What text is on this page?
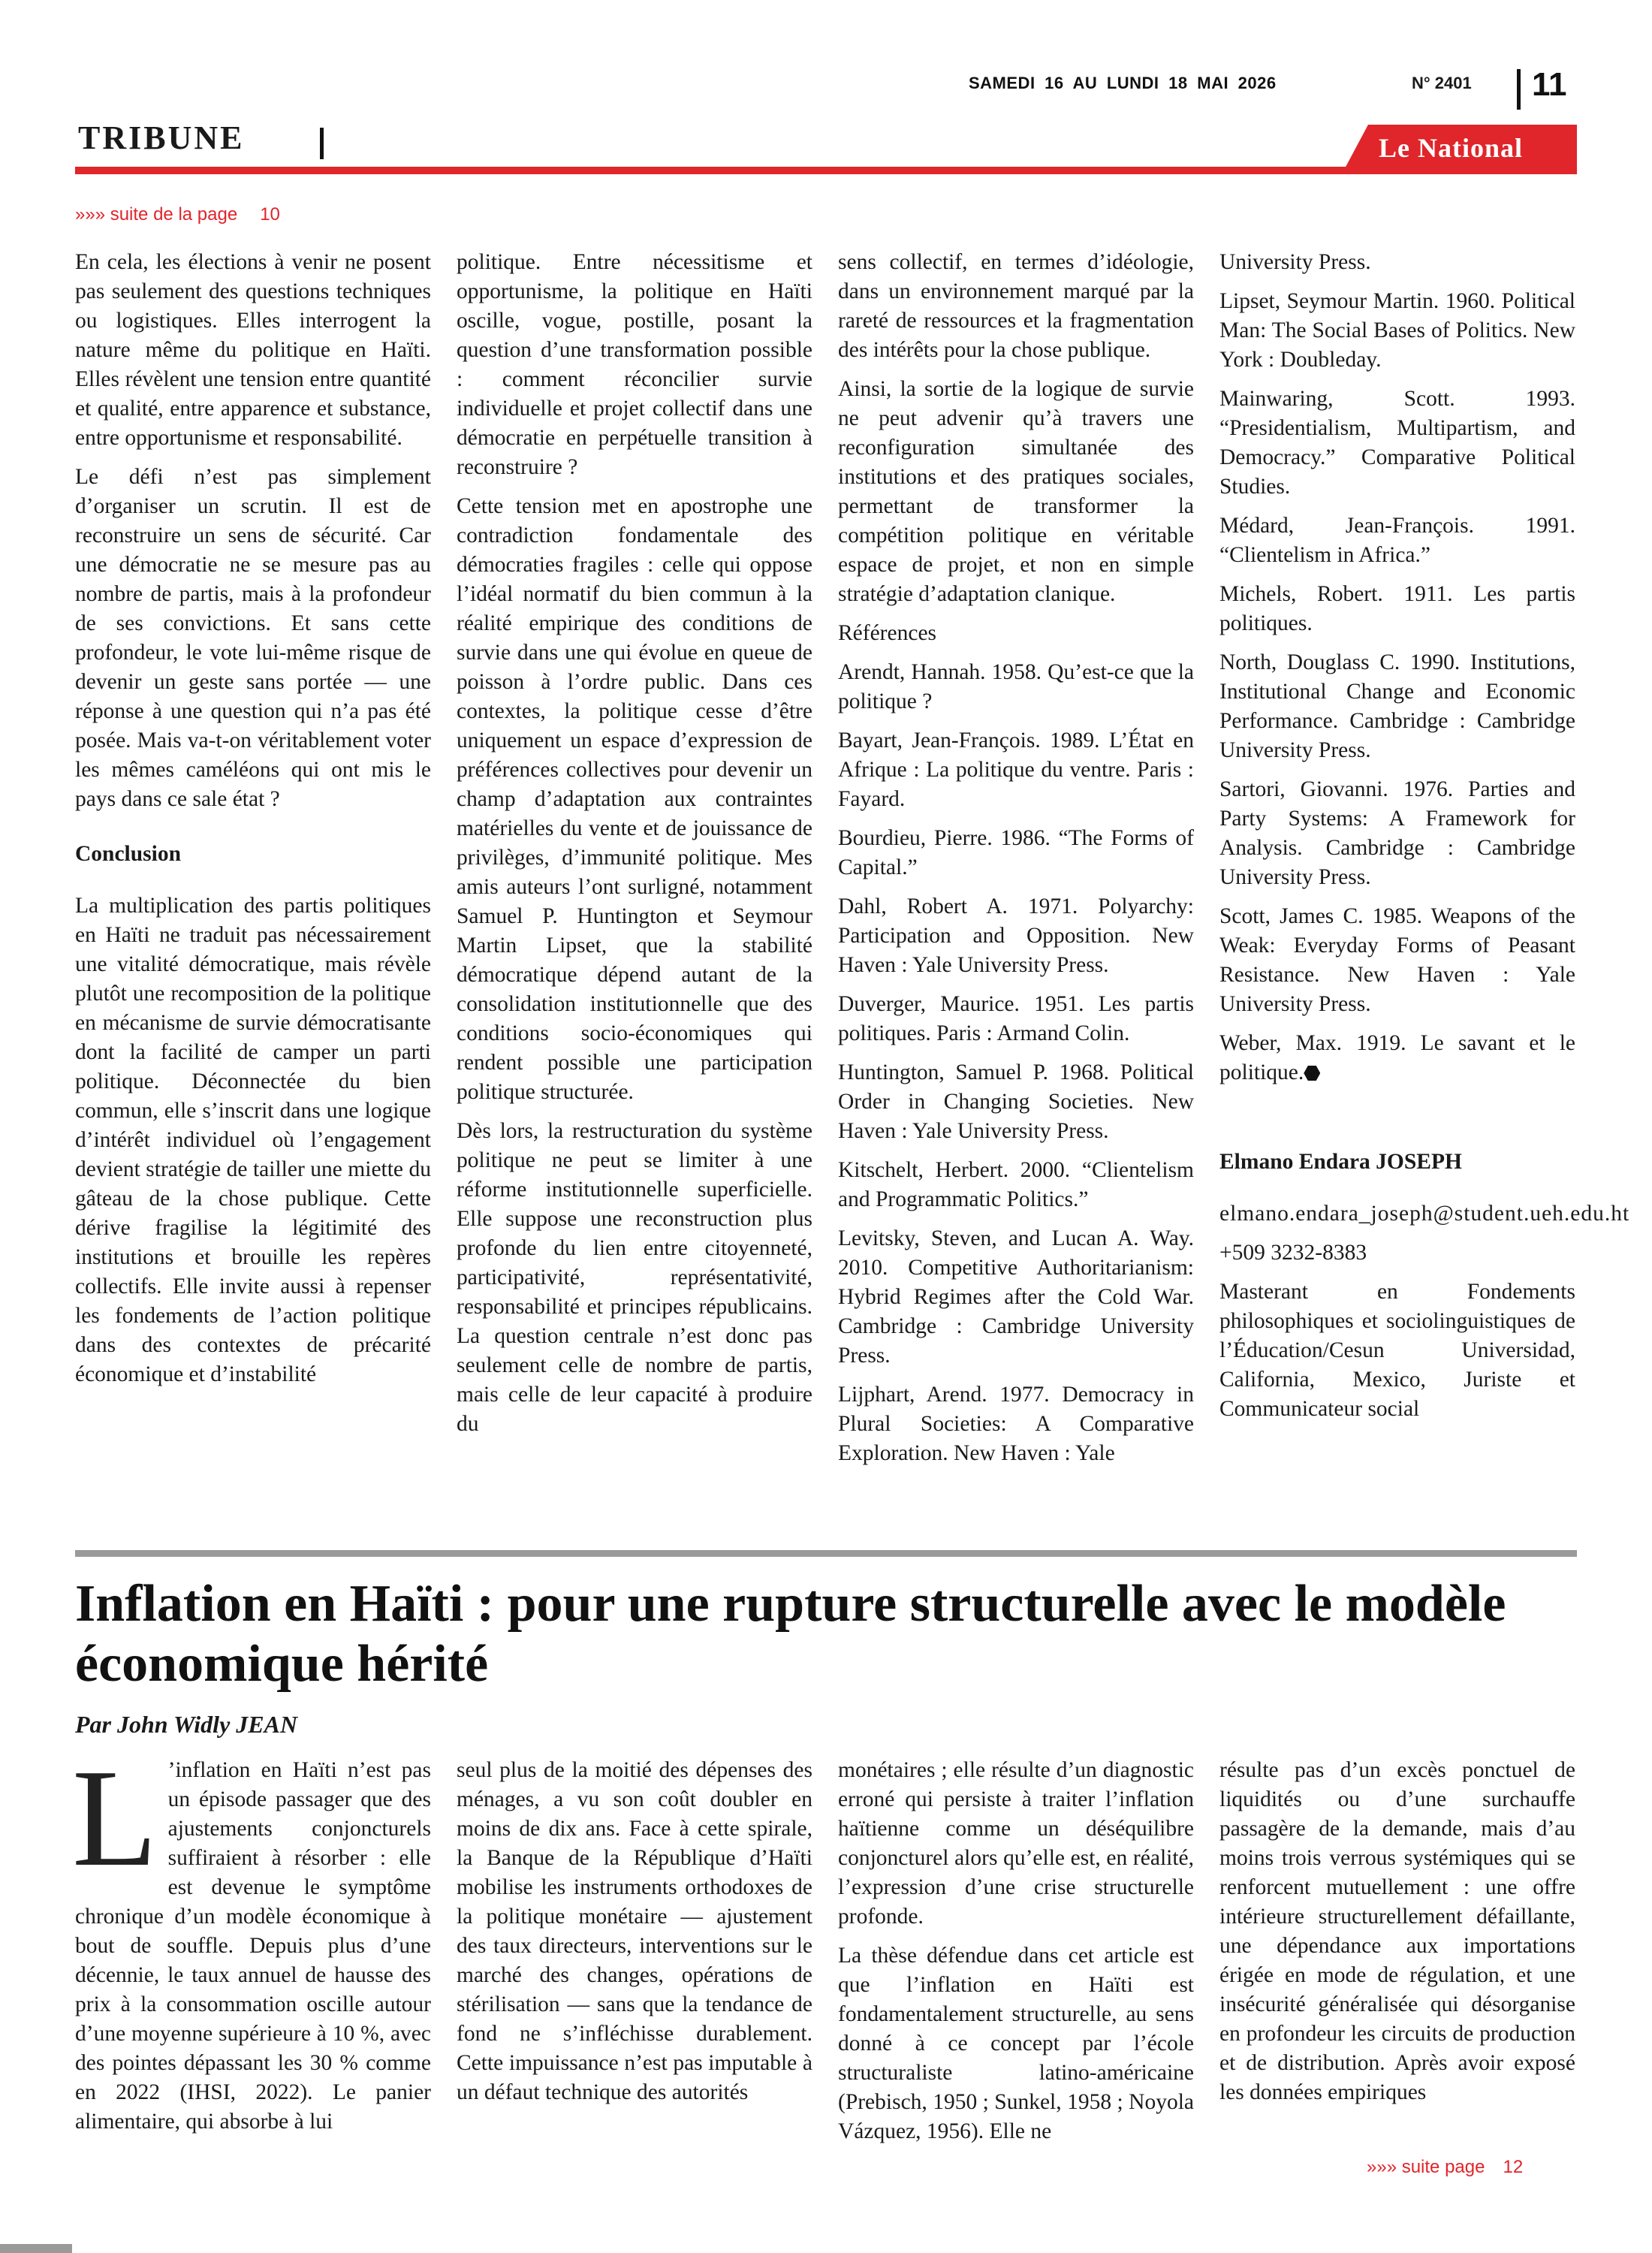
SAMEDI 16 AU LUNDI 18 MAI 2026	N° 2401 11
TRIBUNE	Le National
»»» suite de la page 10

En cela, les élections à venir ne posent pas seulement des questions techniques ou logistiques. Elles interrogent la nature même du politique en Haïti. Elles révèlent une tension entre quantité et qualité, entre apparence et substance, entre opportunisme et responsabilité.

Le défi n’est pas simplement d’organiser un scrutin. Il est de reconstruire un sens de sécurité. Car une démocratie ne se mesure pas au nombre de partis, mais à la profondeur de ses convictions. Et sans cette profondeur, le vote lui-même risque de devenir un geste sans portée — une réponse à une question qui n’a pas été posée. Mais va-t-on véritablement voter les mêmes caméléons qui ont mis le pays dans ce sale état ?

Conclusion

La multiplication des partis politiques en Haïti ne traduit pas nécessairement une vitalité démocratique, mais révèle plutôt une recomposition de la politique en mécanisme de survie démocratisante dont la facilité de camper un parti politique. Déconnectée du bien commun, elle s’inscrit dans une logique d’intérêt individuel où l’engagement devient stratégie de tailler une miette du gâteau de la chose publique. Cette dérive fragilise la légitimité des institutions et brouille les repères collectifs. Elle invite aussi à repenser les fondements de l’action politique dans des contextes de précarité économique et d’instabilité

politique. Entre nécessitisme et opportunisme, la politique en Haïti oscille, vogue, postille, posant la question d’une transformation possible : comment réconcilier survie individuelle et projet collectif dans une démocratie en perpétuelle transition à reconstruire ?

Cette tension met en apostrophe une contradiction fondamentale des démocraties fragiles : celle qui oppose l’idéal normatif du bien commun à la réalité empirique des conditions de survie dans une qui évolue en queue de poisson à l’ordre public. Dans ces contextes, la politique cesse d’être uniquement un espace d’expression de préférences collectives pour devenir un champ d’adaptation aux contraintes matérielles du vente et de jouissance de privilèges, d’immunité politique. Mes amis auteurs l’ont surligné, notamment Samuel P. Huntington et Seymour Martin Lipset, que la stabilité démocratique dépend autant de la consolidation institutionnelle que des conditions socio-économiques qui rendent possible une participation politique structurée.

Dès lors, la restructuration du système politique ne peut se limiter à une réforme institutionnelle superficielle. Elle suppose une reconstruction plus profonde du lien entre citoyenneté, participativité, représentativité, responsabilité et principes républicains. La question centrale n’est donc pas seulement celle de nombre de partis, mais celle de leur capacité à produire du

sens collectif, en termes d’idéologie, dans un environnement marqué par la rareté de ressources et la fragmentation des intérêts pour la chose publique.

Ainsi, la sortie de la logique de survie ne peut advenir qu’à travers une reconfiguration simultanée des institutions et des pratiques sociales, permettant de transformer la compétition politique en véritable espace de projet, et non en simple stratégie d’adaptation clanique.

Références

Arendt, Hannah. 1958. Qu’est-ce que la politique ?

Bayart, Jean-François. 1989. L’État en Afrique : La politique du ventre. Paris : Fayard.

Bourdieu, Pierre. 1986. “The Forms of Capital.”

Dahl, Robert A. 1971. Polyarchy: Participation and Opposition. New Haven : Yale University Press.

Duverger, Maurice. 1951. Les partis politiques. Paris : Armand Colin.

Huntington, Samuel P. 1968. Political Order in Changing Societies. New Haven : Yale University Press.

Kitschelt, Herbert. 2000. “Clientelism and Programmatic Politics.”

Levitsky, Steven, and Lucan A. Way. 2010. Competitive Authoritarianism: Hybrid Regimes after the Cold War. Cambridge : Cambridge University Press.

Lijphart, Arend. 1977. Democracy in Plural Societies: A Comparative Exploration. New Haven : Yale

University Press.

Lipset, Seymour Martin. 1960. Political Man: The Social Bases of Politics. New York : Doubleday.

Mainwaring, Scott. 1993. “Presidentialism, Multipartism, and Democracy.” Comparative Political Studies.

Médard, Jean-François. 1991. “Clientelism in Africa.”

Michels, Robert. 1911. Les partis politiques.

North, Douglass C. 1990. Institutions, Institutional Change and Economic Performance. Cambridge : Cambridge University Press.

Sartori, Giovanni. 1976. Parties and Party Systems: A Framework for Analysis. Cambridge : Cambridge University Press.

Scott, James C. 1985. Weapons of the Weak: Everyday Forms of Peasant Resistance. New Haven : Yale University Press.

Weber, Max. 1919. Le savant et le politique.

Elmano Endara JOSEPH

elmano.endara_joseph@student.ueh.edu.ht

+509 3232-8383

Masterant en Fondements philosophiques et sociolinguistiques de l’Éducation/Cesun Universidad, California, Mexico, Juriste et Communicateur social

Inflation en Haïti : pour une rupture structurelle avec le modèle économique hérité

Par John Widly JEAN

L ’inflation en Haïti n’est pas un épisode passager que des ajustements conjoncturels suffiraient à résorber : elle est devenue le symptôme chronique d’un modèle économique à bout de souffle. Depuis plus d’une décennie, le taux annuel de hausse des prix à la consommation oscille autour d’une moyenne supérieure à 10 %, avec des pointes dépassant les 30 % comme en 2022 (IHSI, 2022). Le panier alimentaire, qui absorbe à lui

seul plus de la moitié des dépenses des ménages, a vu son coût doubler en moins de dix ans. Face à cette spirale, la Banque de la République d’Haïti mobilise les instruments orthodoxes de la politique monétaire — ajustement des taux directeurs, interventions sur le marché des changes, opérations de stérilisation — sans que la tendance de fond ne s’infléchisse durablement. Cette impuissance n’est pas imputable à un défaut technique des autorités

monétaires ; elle résulte d’un diagnostic erroné qui persiste à traiter l’inflation haïtienne comme un déséquilibre conjoncturel alors qu’elle est, en réalité, l’expression d’une crise structurelle profonde.

La thèse défendue dans cet article est que l’inflation en Haïti est fondamentalement structurelle, au sens donné à ce concept par l’école structuraliste latino-américaine (Prebisch, 1950 ; Sunkel, 1958 ; Noyola Vázquez, 1956). Elle ne

résulte pas d’un excès ponctuel de liquidités ou d’une surchauffe passagère de la demande, mais d’au moins trois verrous systémiques qui se renforcent mutuellement : une offre intérieure structurellement défaillante, une dépendance aux importations érigée en mode de régulation, et une insécurité généralisée qui désorganise en profondeur les circuits de production et de distribution. Après avoir exposé les données empiriques

»»» suite page 12
